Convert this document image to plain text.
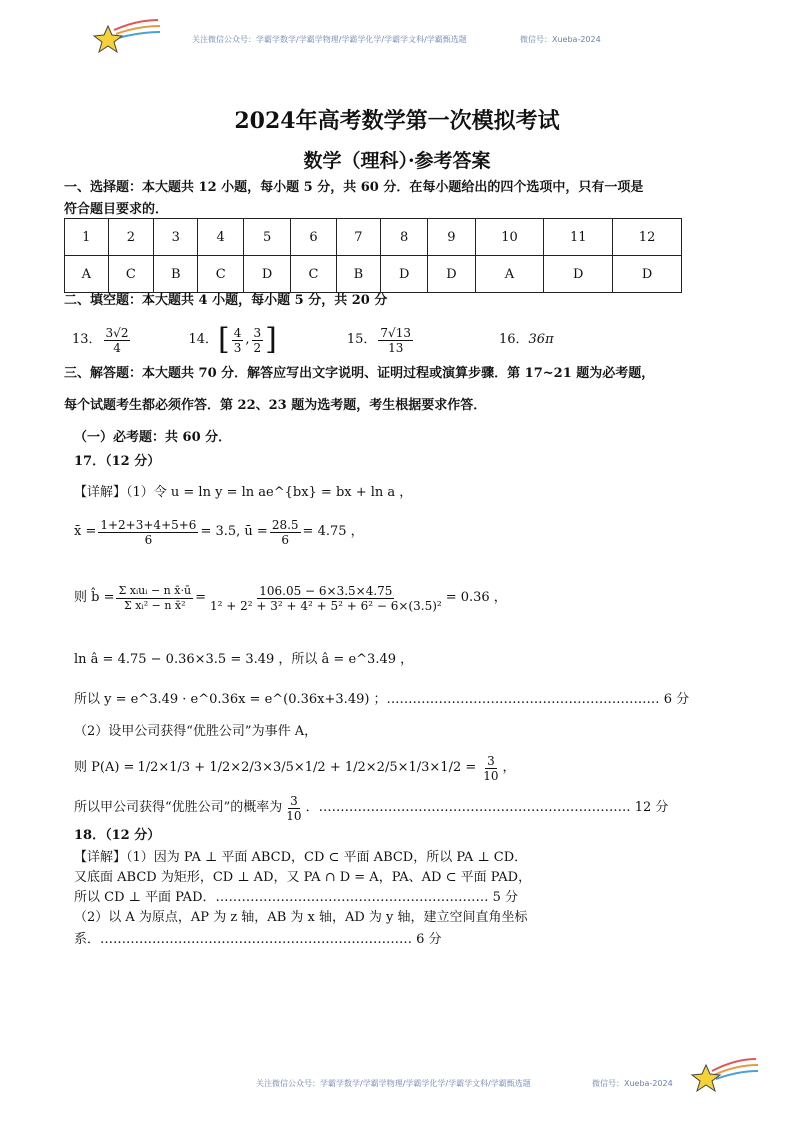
关注微信公众号：学霸学数学/学霸学物理/学霸学化学/学霸学文科/学霸甄选题	微信号：Xueba-2024
2024年高考数学第一次模拟考试
数学（理科）·参考答案
一、选择题：本大题共 12 小题，每小题 5 分，共 60 分．在每小题给出的四个选项中，只有一项是
符合题目要求的．
1	2	3	4	5	6	7	8	9	10	11	12
A	C	B	C	D	C	B	D	D	A	D	D
二、填空题：本大题共 4 小题，每小题 5 分，共 20 分
13． $\frac{3√2}{4}$	14． [ $\frac{4}{3}$ , $\frac{3}{2}$ ]	15． $\frac{7√13}{13}$	16． 36π
三、解答题：本大题共 70 分．解答应写出文字说明、证明过程或演算步骤．第 17~21 题为必考题，
每个试题考生都必须作答．第 22、23 题为选考题，考生根据要求作答．
（一）必考题：共 60 分．
17．（12 分）
【详解】（1）令 u = ln y = ln ae^{bx} = bx + ln a ，
x̄ = $\frac{1+2+3+4+5+6}{6} = 3.5$, ū = $\frac{28.5}{6} = 4.75$ ，
则 b̂ = $\frac{\text{Σ xᵢuᵢ − n x̄·ū}}{\text{Σ xᵢ² − n x̄²}} = \frac{106.05 - 6\times 3.5\times 4.75}{\text{1² + 2² + 3² + 4² + 5² + 6² − 6×(3.5)²}} = 0.36$ ，
ln â = 4.75 − 0.36×3.5 = 3.49 ，所以 â = e^3.49 ，
所以 y = e^3.49 · e^0.36x = e^(0.36x+3.49) ；……………………………………………………… 6 分
（2）设甲公司获得“优胜公司”为事件 A，
则 $P(A) = 1/2\times 1/3 + 1/2\times 2/3\times 3/5\times 1/2 + 1/2\times 2/5\times 1/3\times 1/2 = \frac{3}{10}$ ，
所以甲公司获得“优胜公司”的概率为 $\frac{3}{10}$ ．……………………………………………………………… 12 分
18．（12 分）
【详解】（1）因为 PA ⊥ 平面 ABCD，CD ⊂ 平面 ABCD，所以 PA ⊥ CD．
又底面 ABCD 为矩形，CD ⊥ AD，又 PA ∩ D = A，PA、AD ⊂ 平面 PAD，
所以 CD ⊥ 平面 PAD．……………………………………………………… 5 分
（2）以 A 为原点，AP 为 z 轴，AB 为 x 轴，AD 为 y 轴，建立空间直角坐标
系．……………………………………………………………… 6 分
关注微信公众号：学霸学数学/学霸学物理/学霸学化学/学霸学文科/学霸甄选题	微信号：Xueba-2024
